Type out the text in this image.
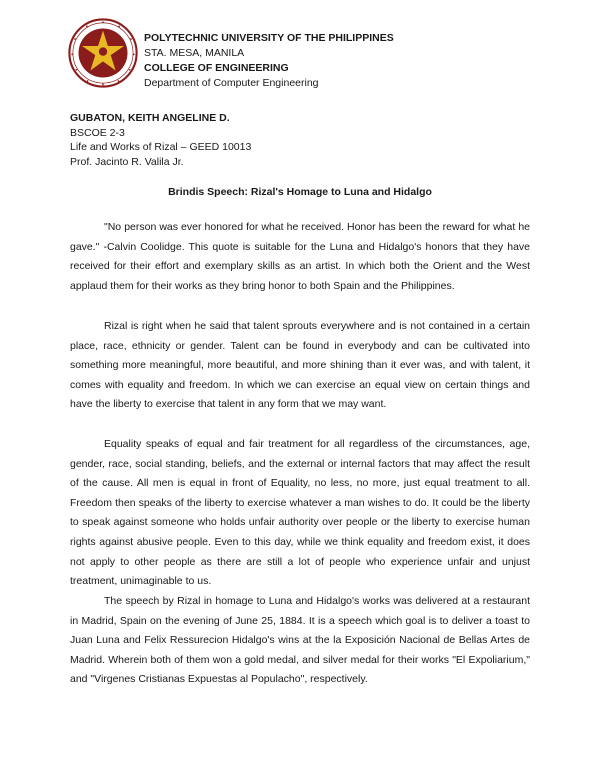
POLYTECHNIC UNIVERSITY OF THE PHILIPPINES
STA. MESA, MANILA
COLLEGE OF ENGINEERING
Department of Computer Engineering
GUBATON, KEITH ANGELINE D.
BSCOE 2-3
Life and Works of Rizal – GEED 10013
Prof. Jacinto R. Valila Jr.
Brindis Speech: Rizal's Homage to Luna and Hidalgo

"No person was ever honored for what he received. Honor has been the reward for what he gave." -Calvin Coolidge. This quote is suitable for the Luna and Hidalgo's honors that they have received for their effort and exemplary skills as an artist. In which both the Orient and the West applaud them for their works as they bring honor to both Spain and the Philippines.

Rizal is right when he said that talent sprouts everywhere and is not contained in a certain place, race, ethnicity or gender. Talent can be found in everybody and can be cultivated into something more meaningful, more beautiful, and more shining than it ever was, and with talent, it comes with equality and freedom. In which we can exercise an equal view on certain things and have the liberty to exercise that talent in any form that we may want.

Equality speaks of equal and fair treatment for all regardless of the circumstances, age, gender, race, social standing, beliefs, and the external or internal factors that may affect the result of the cause. All men is equal in front of Equality, no less, no more, just equal treatment to all. Freedom then speaks of the liberty to exercise whatever a man wishes to do. It could be the liberty to speak against someone who holds unfair authority over people or the liberty to exercise human rights against abusive people. Even to this day, while we think equality and freedom exist, it does not apply to other people as there are still a lot of people who experience unfair and unjust treatment, unimaginable to us.

The speech by Rizal in homage to Luna and Hidalgo's works was delivered at a restaurant in Madrid, Spain on the evening of June 25, 1884. It is a speech which goal is to deliver a toast to Juan Luna and Felix Ressurecion Hidalgo's wins at the la Exposición Nacional de Bellas Artes de Madrid. Wherein both of them won a gold medal, and silver medal for their works "El Expoliarium," and "Virgenes Cristianas Expuestas al Populacho", respectively.
